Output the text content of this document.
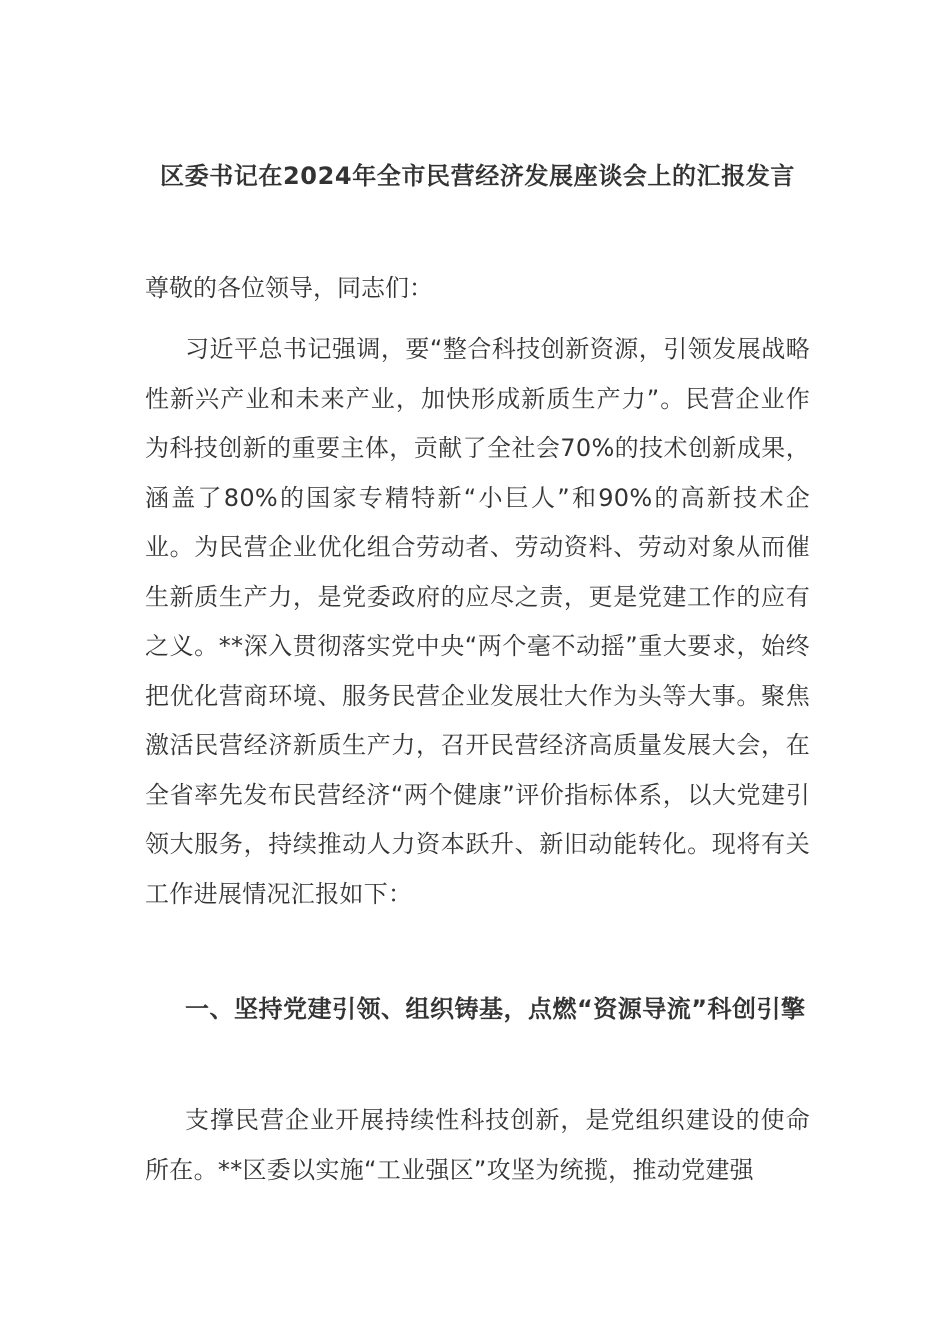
区委书记在2024年全市民营经济发展座谈会上的汇报发言

尊敬的各位领导，同志们：

习近平总书记强调，要“整合科技创新资源，引领发展战略性新兴产业和未来产业，加快形成新质生产力”。民营企业作为科技创新的重要主体，贡献了全社会70%的技术创新成果，涵盖了80%的国家专精特新“小巨人”和90%的高新技术企业。为民营企业优化组合劳动者、劳动资料、劳动对象从而催生新质生产力，是党委政府的应尽之责，更是党建工作的应有之义。**深入贯彻落实党中央“两个毫不动摇”重大要求，始终把优化营商环境、服务民营企业发展壮大作为头等大事。聚焦激活民营经济新质生产力，召开民营经济高质量发展大会，在全省率先发布民营经济“两个健康”评价指标体系，以大党建引领大服务，持续推动人力资本跃升、新旧动能转化。现将有关工作进展情况汇报如下：

一、坚持党建引领、组织铸基，点燃“资源导流”科创引擎

支撑民营企业开展持续性科技创新，是党组织建设的使命所在。**区委以实施“工业强区”攻坚为统揽，推动党建强
